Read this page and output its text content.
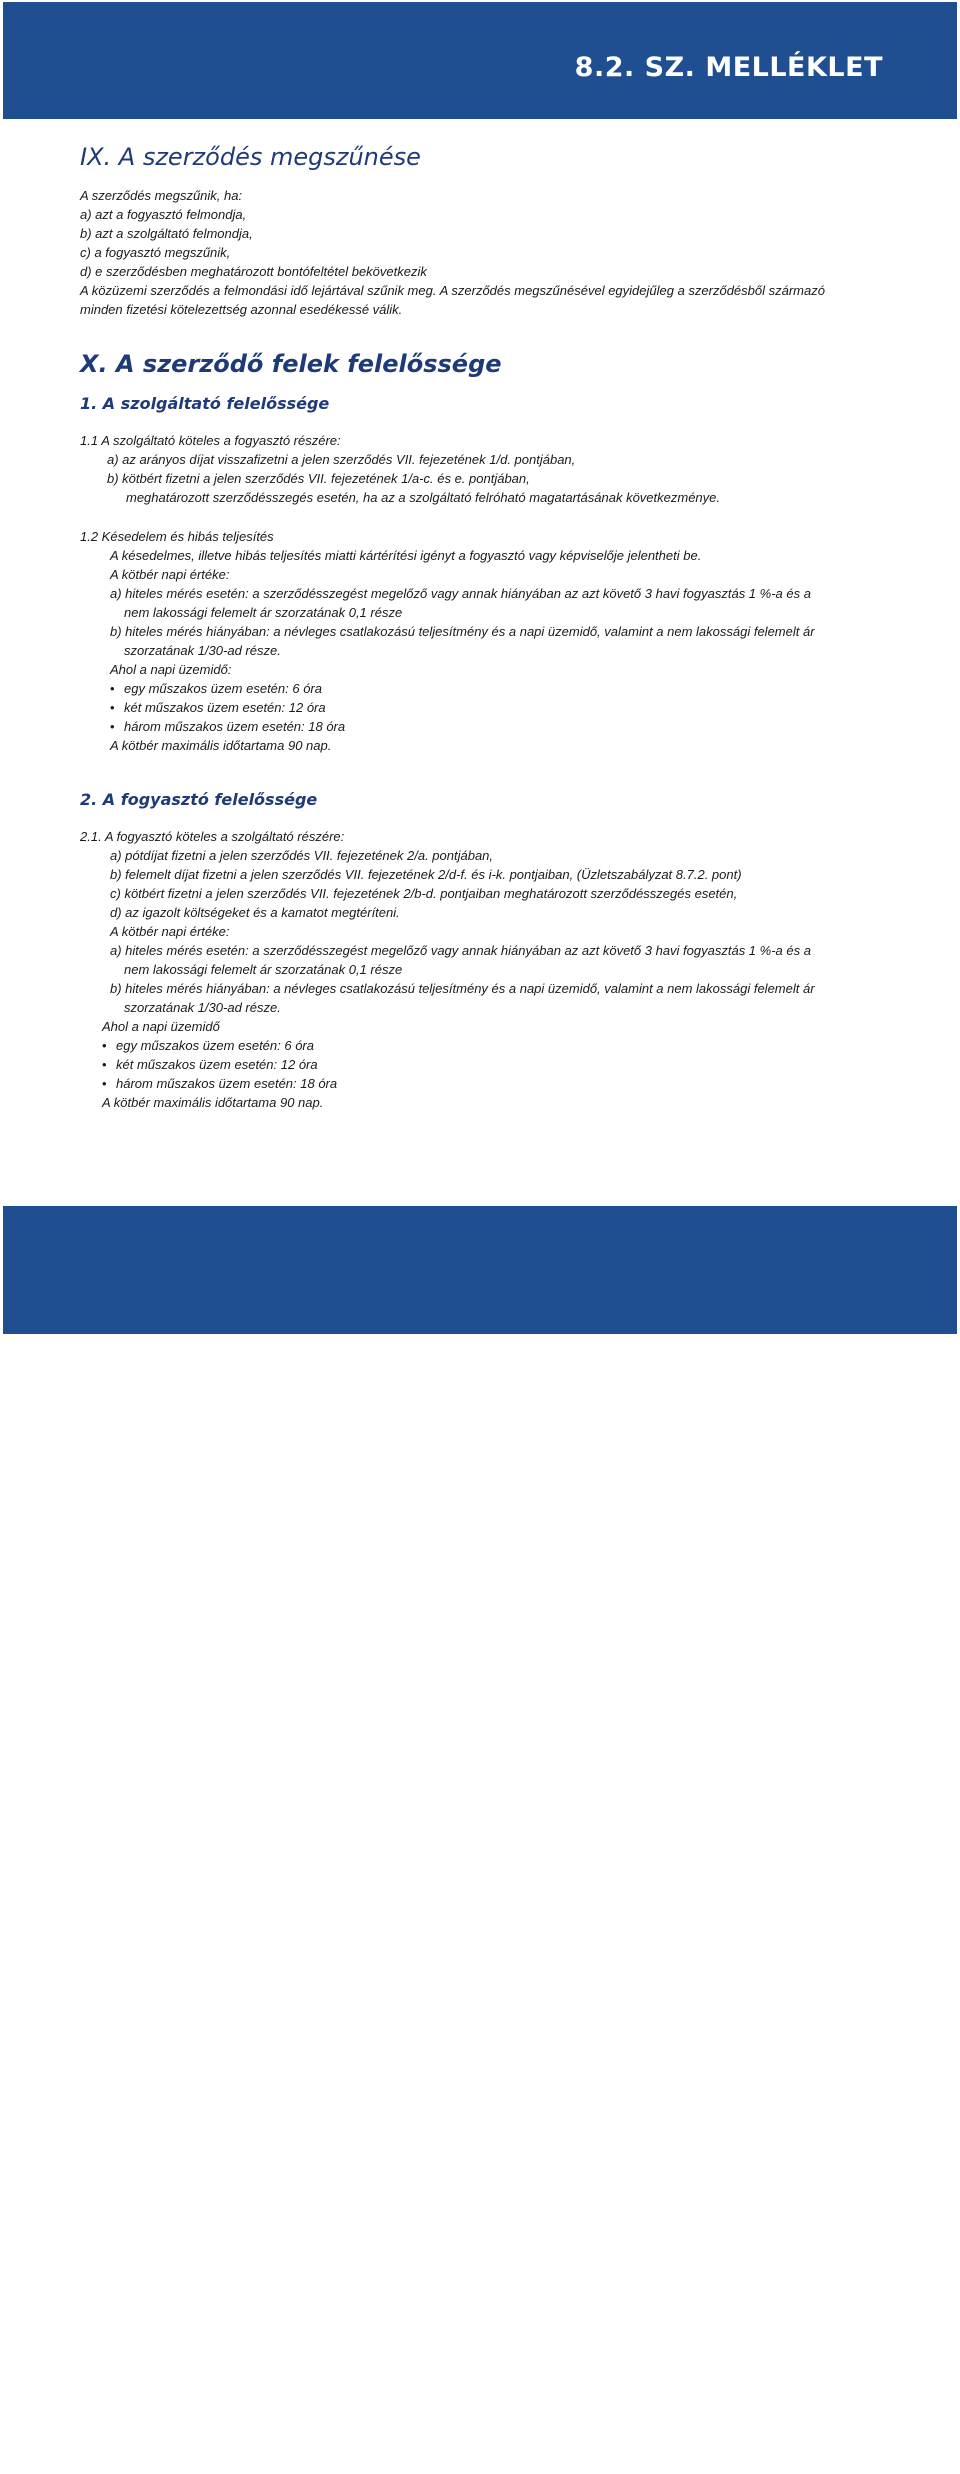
8.2. SZ. MELLÉKLET
IX. A szerződés megszűnése
A szerződés megszűnik, ha:
a) azt a fogyasztó felmondja,
b) azt a szolgáltató felmondja,
c) a fogyasztó megszűnik,
d) e szerződésben meghatározott bontófeltétel bekövetkezik
A közüzemi szerződés a felmondási idő lejártával szűnik meg. A szerződés megszűnésével egyidejűleg a szerződésből származó
minden fizetési kötelezettség azonnal esedékessé válik.
X. A szerződő felek felelőssége
1. A szolgáltató felelőssége
1.1 A szolgáltató köteles a fogyasztó részére:
a) az arányos díjat visszafizetni a jelen szerződés VII. fejezetének 1/d. pontjában,
b) kötbért fizetni a jelen szerződés VII. fejezetének 1/a-c. és e. pontjában,
meghatározott szerződésszegés esetén, ha az a szolgáltató felróható magatartásának következménye.
1.2 Késedelem és hibás teljesítés
A késedelmes, illetve hibás teljesítés miatti kártérítési igényt a fogyasztó vagy képviselője jelentheti be.
A kötbér napi értéke:
a) hiteles mérés esetén: a szerződésszegést megelőző vagy annak hiányában az azt követő 3 havi fogyasztás 1 %-a és a
nem lakossági felemelt ár szorzatának 0,1 része
b) hiteles mérés hiányában: a névleges csatlakozású teljesítmény és a napi üzemidő, valamint a nem lakossági felemelt ár
szorzatának 1/30-ad része.
Ahol a napi üzemidő:
• egy műszakos üzem esetén: 6 óra
• két műszakos üzem esetén: 12 óra
• három műszakos üzem esetén: 18 óra
A kötbér maximális időtartama 90 nap.
2. A fogyasztó felelőssége
2.1. A fogyasztó köteles a szolgáltató részére:
a) pótdíjat fizetni a jelen szerződés VII. fejezetének 2/a. pontjában,
b) felemelt díjat fizetni a jelen szerződés VII. fejezetének 2/d-f. és i-k. pontjaiban, (Üzletszabályzat 8.7.2. pont)
c) kötbért fizetni a jelen szerződés VII. fejezetének 2/b-d. pontjaiban meghatározott szerződésszegés esetén,
d) az igazolt költségeket és a kamatot megtéríteni.
A kötbér napi értéke:
a) hiteles mérés esetén: a szerződésszegést megelőző vagy annak hiányában az azt követő 3 havi fogyasztás 1 %-a és a
nem lakossági felemelt ár szorzatának 0,1 része
b) hiteles mérés hiányában: a névleges csatlakozású teljesítmény és a napi üzemidő, valamint a nem lakossági felemelt ár
szorzatának 1/30-ad része.
Ahol a napi üzemidő
• egy műszakos üzem esetén: 6 óra
• két műszakos üzem esetén: 12 óra
• három műszakos üzem esetén: 18 óra
A kötbér maximális időtartama 90 nap.
27
